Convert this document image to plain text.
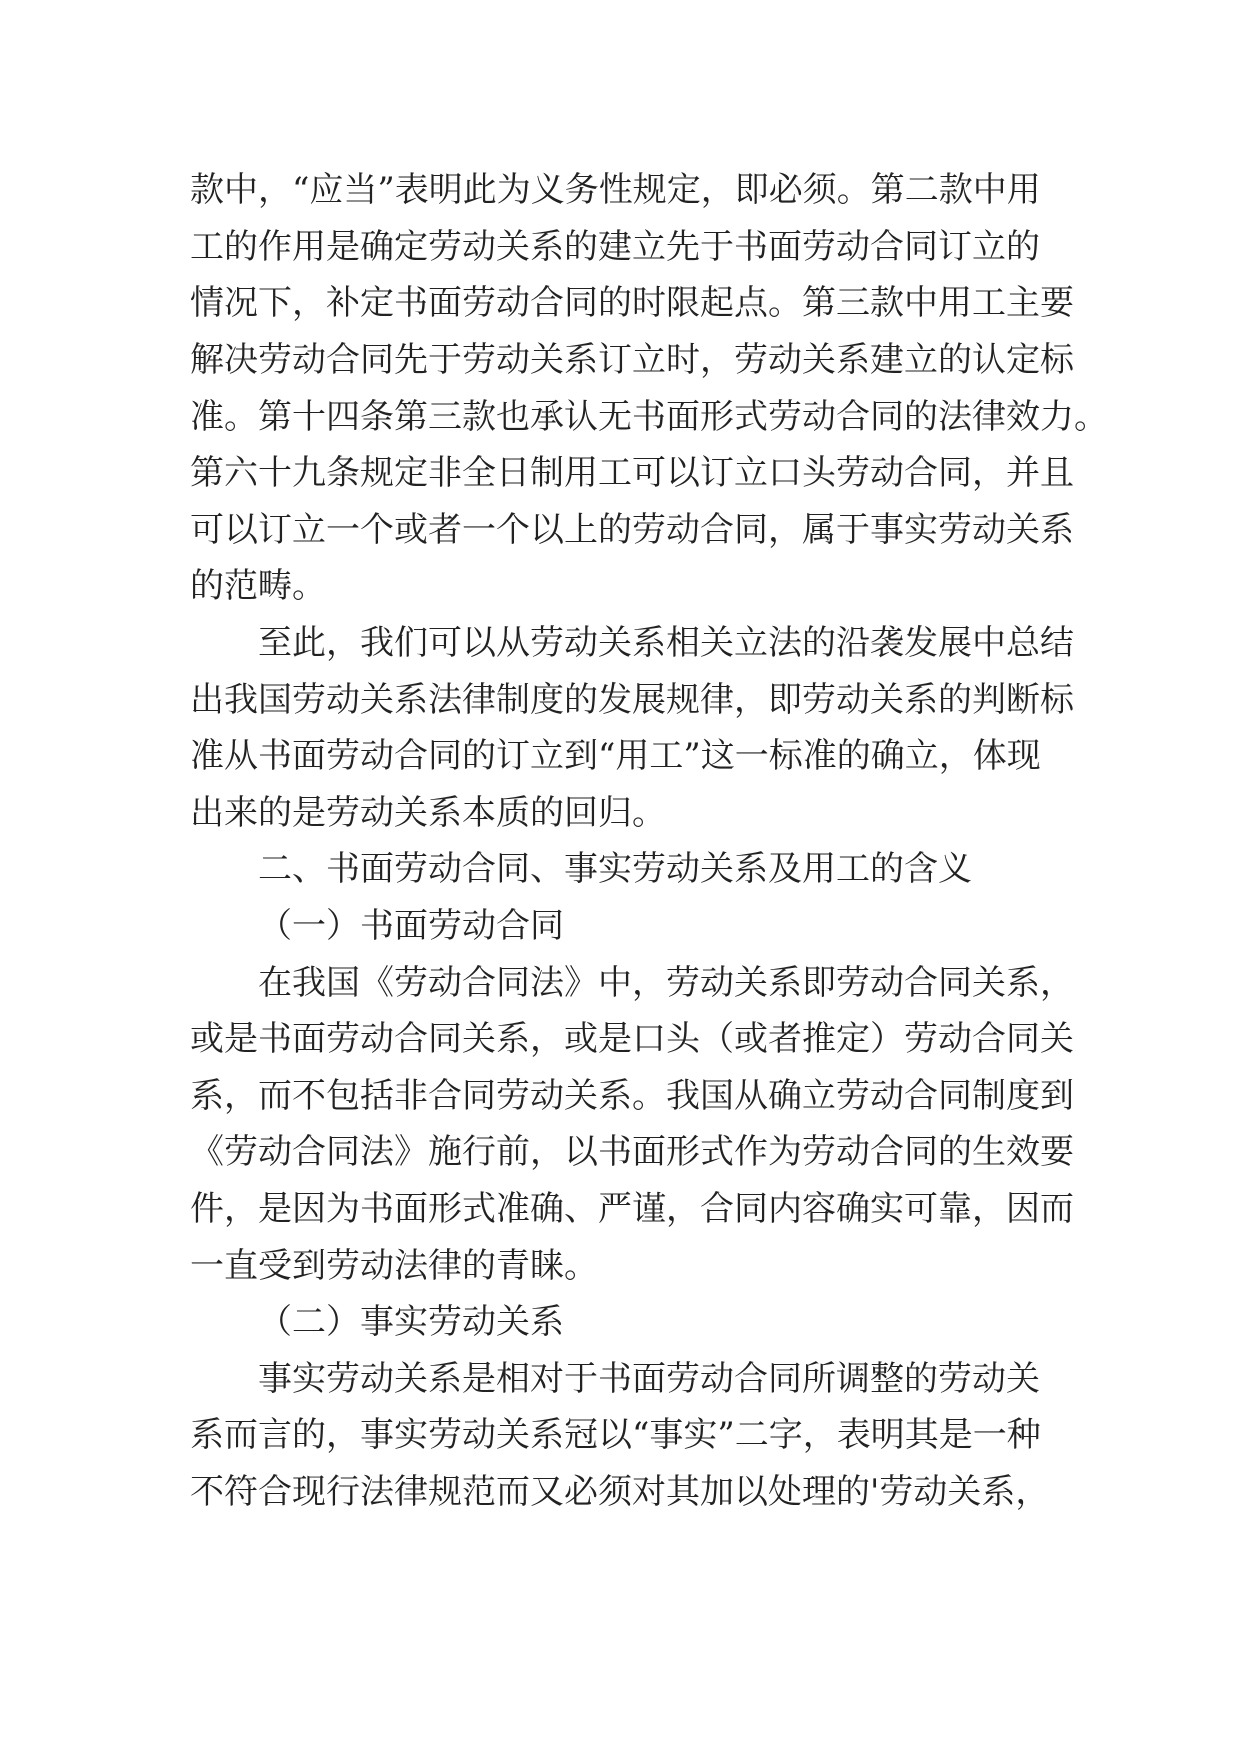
款中，“应当”表明此为义务性规定，即必须。第二款中用
工的作用是确定劳动关系的建立先于书面劳动合同订立的
情况下，补定书面劳动合同的时限起点。第三款中用工主要
解决劳动合同先于劳动关系订立时，劳动关系建立的认定标
准。第十四条第三款也承认无书面形式劳动合同的法律效力。
第六十九条规定非全日制用工可以订立口头劳动合同，并且
可以订立一个或者一个以上的劳动合同，属于事实劳动关系
的范畴。
至此，我们可以从劳动关系相关立法的沿袭发展中总结
出我国劳动关系法律制度的发展规律，即劳动关系的判断标
准从书面劳动合同的订立到“用工”这一标准的确立，体现
出来的是劳动关系本质的回归。
二、书面劳动合同、事实劳动关系及用工的含义
（一）书面劳动合同
在我国《劳动合同法》中，劳动关系即劳动合同关系，
或是书面劳动合同关系，或是口头（或者推定）劳动合同关
系，而不包括非合同劳动关系。我国从确立劳动合同制度到
《劳动合同法》施行前，以书面形式作为劳动合同的生效要
件，是因为书面形式准确、严谨，合同内容确实可靠，因而
一直受到劳动法律的青睐。
（二）事实劳动关系
事实劳动关系是相对于书面劳动合同所调整的劳动关
系而言的，事实劳动关系冠以“事实”二字，表明其是一种
不符合现行法律规范而又必须对其加以处理的'劳动关系，
